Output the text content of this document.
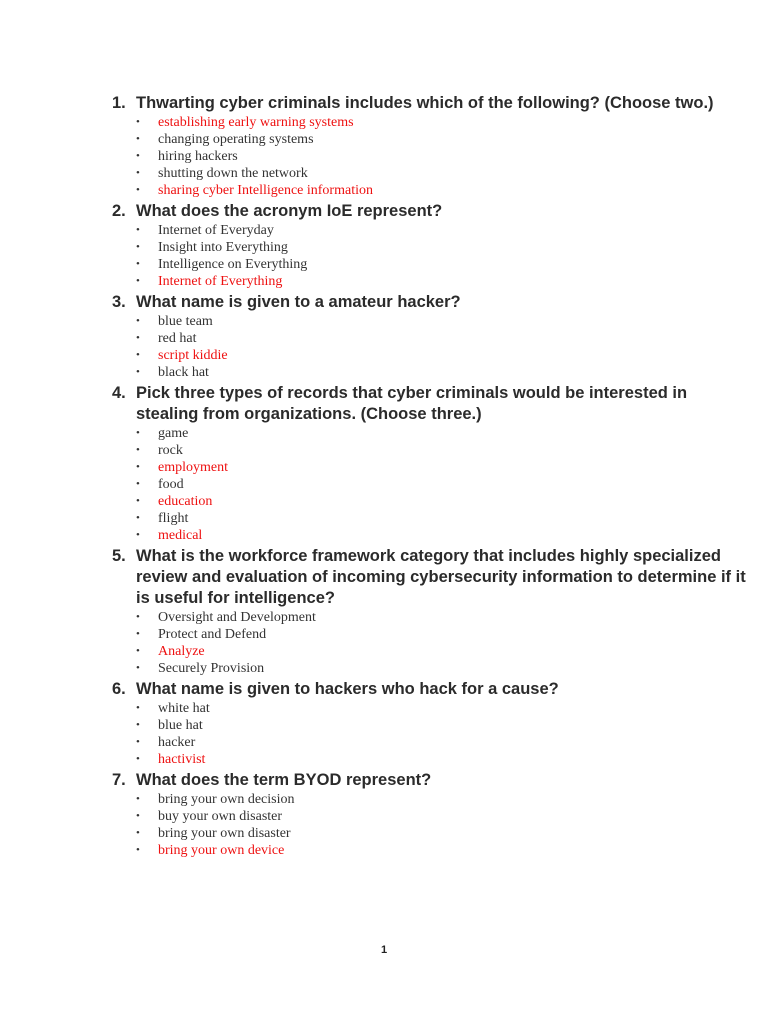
1. Thwarting cyber criminals includes which of the following? (Choose two.)
• establishing early warning systems
• changing operating systems
• hiring hackers
• shutting down the network
• sharing cyber Intelligence information
2. What does the acronym IoE represent?
• Internet of Everyday
• Insight into Everything
• Intelligence on Everything
• Internet of Everything
3. What name is given to a amateur hacker?
• blue team
• red hat
• script kiddie
• black hat
4. Pick three types of records that cyber criminals would be interested in stealing from organizations. (Choose three.)
• game
• rock
• employment
• food
• education
• flight
• medical
5. What is the workforce framework category that includes highly specialized review and evaluation of incoming cybersecurity information to determine if it is useful for intelligence?
• Oversight and Development
• Protect and Defend
• Analyze
• Securely Provision
6. What name is given to hackers who hack for a cause?
• white hat
• blue hat
• hacker
• hactivist
7. What does the term BYOD represent?
• bring your own decision
• buy your own disaster
• bring your own disaster
• bring your own device
1
